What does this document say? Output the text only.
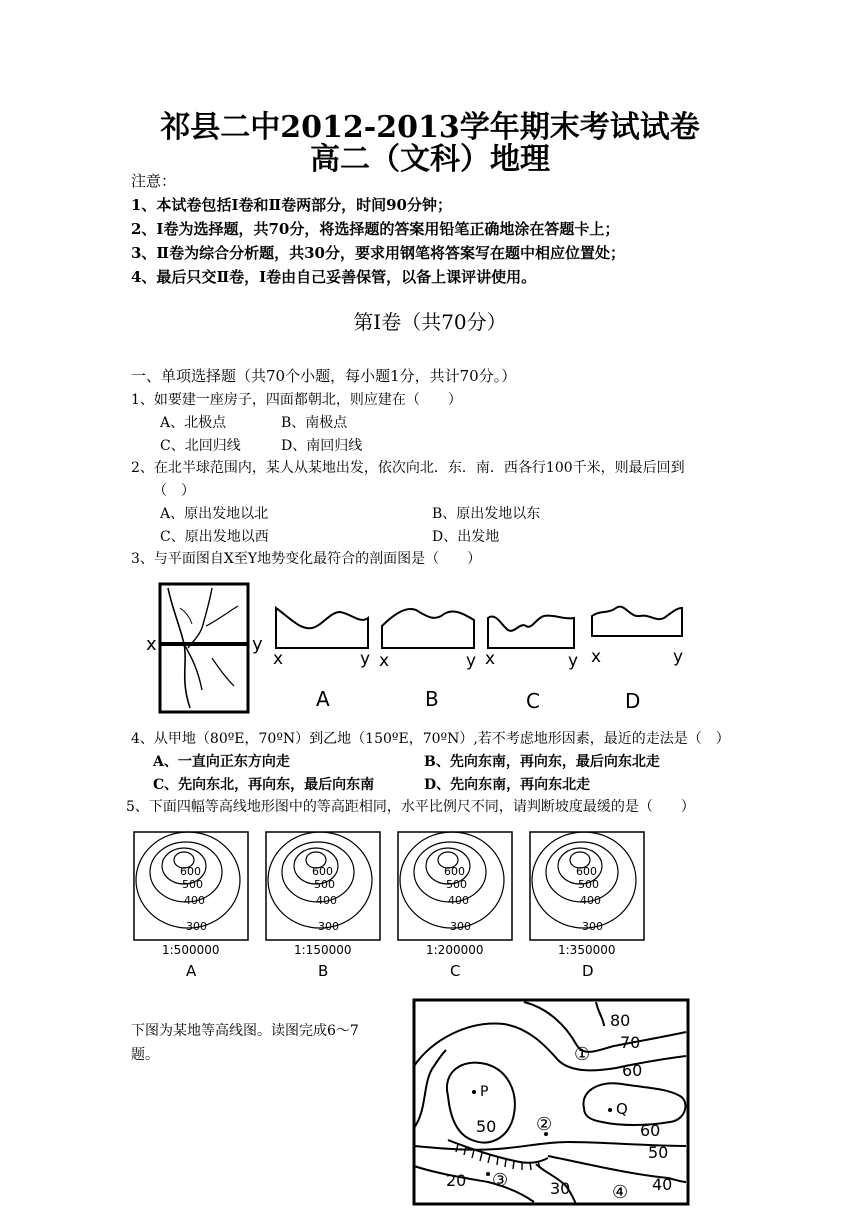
祁县二中2012-2013学年期末考试试卷
高二（文科）地理
注意：
1、本试卷包括Ⅰ卷和Ⅱ卷两部分，时间90分钟；
2、Ⅰ卷为选择题，共70分，将选择题的答案用铅笔正确地涂在答题卡上；
3、Ⅱ卷为综合分析题，共30分，要求用钢笔将答案写在题中相应位置处；
4、最后只交Ⅱ卷，Ⅰ卷由自己妥善保管，以备上课评讲使用。
第Ⅰ卷（共70分）
一、单项选择题（共70个小题，每小题1分，共计70分。）
1、如要建一座房子，四面都朝北，则应建在（　　）
A、北极点	B、南极点
C、北回归线	D、南回归线
2、在北半球范围内，某人从某地出发，依次向北．东．南．西各行100千米，则最后回到
（　）
A、原出发地以北	B、原出发地以东
C、原出发地以西	D、出发地
3、与平面图自X至Y地势变化最符合的剖面图是（　　）
x	y
x	y
A
x	y
B
x	y
C
x	y
D
4、从甲地（80ºE，70ºN）到乙地（150ºE，70ºN）,若不考虑地形因素，最近的走法是（　）
A、一直向正东方向走	B、先向东南，再向东，最后向东北走
C、先向东北，再向东，最后向东南	D、先向东南，再向东北走
5、下面四幅等高线地形图中的等高距相同，水平比例尺不同，请判断坡度最缓的是（　　）
600
500
400
300
1:500000
A
600
500
400
300
1:150000
B
600
500
400
300
1:200000
C
600
500
400
300
1:350000
D
下图为某地等高线图。读图完成6～7
题。
80
70
60
60
50
50
40
30
20
P
Q
①
②
③
④
